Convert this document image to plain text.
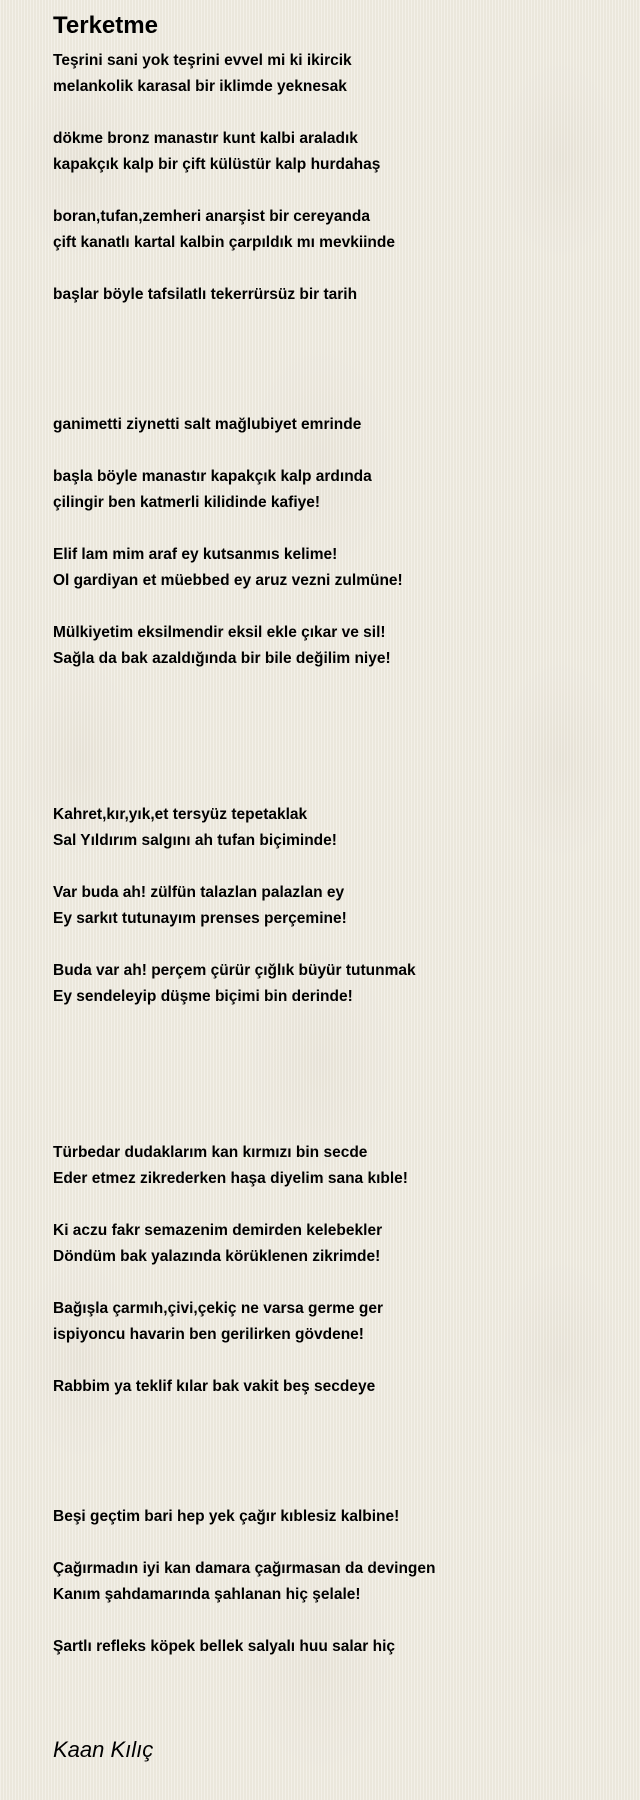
Terketme
Teşrini sani yok teşrini evvel mi ki ikircik
melankolik karasal bir iklimde yeknesak
dökme bronz manastır kunt kalbi araladık
kapakçık kalp bir çift külüstür kalp hurdahaş
boran,tufan,zemheri anarşist bir cereyanda
çift kanatlı kartal kalbin çarpıldık mı mevkiinde
başlar böyle tafsilatlı tekerrürsüz bir tarih
ganimetti ziynetti salt mağlubiyet emrinde
başla böyle manastır kapakçık kalp ardında
çilingir ben katmerli kilidinde kafiye!
Elif lam mim araf ey kutsanmıs kelime!
Ol gardiyan et müebbed ey aruz vezni zulmüne!
Mülkiyetim eksilmendir eksil ekle çıkar ve sil!
Sağla da bak azaldığında bir bile değilim niye!
Kahret,kır,yık,et tersyüz tepetaklak
Sal Yıldırım salgını ah tufan biçiminde!
Var buda ah! zülfün talazlan palazlan ey
Ey sarkıt tutunayım prenses perçemine!
Buda var ah! perçem çürür çığlık büyür tutunmak
Ey sendeleyip düşme biçimi bin derinde!
Türbedar dudaklarım kan kırmızı bin secde
Eder etmez zikrederken haşa diyelim sana kıble!
Ki aczu fakr semazenim demirden kelebekler
Döndüm bak yalazında körüklenen zikrimde!
Bağışla çarmıh,çivi,çekiç ne varsa germe ger
ispiyoncu havarin ben gerilirken gövdene!
Rabbim ya teklif kılar bak vakit beş secdeye
Beşi geçtim bari hep yek çağır kıblesiz kalbine!
Çağırmadın iyi kan damara çağırmasan da devingen
Kanım şahdamarında şahlanan hiç şelale!
Şartlı refleks köpek bellek salyalı huu salar hiç
Kaan Kılıç
